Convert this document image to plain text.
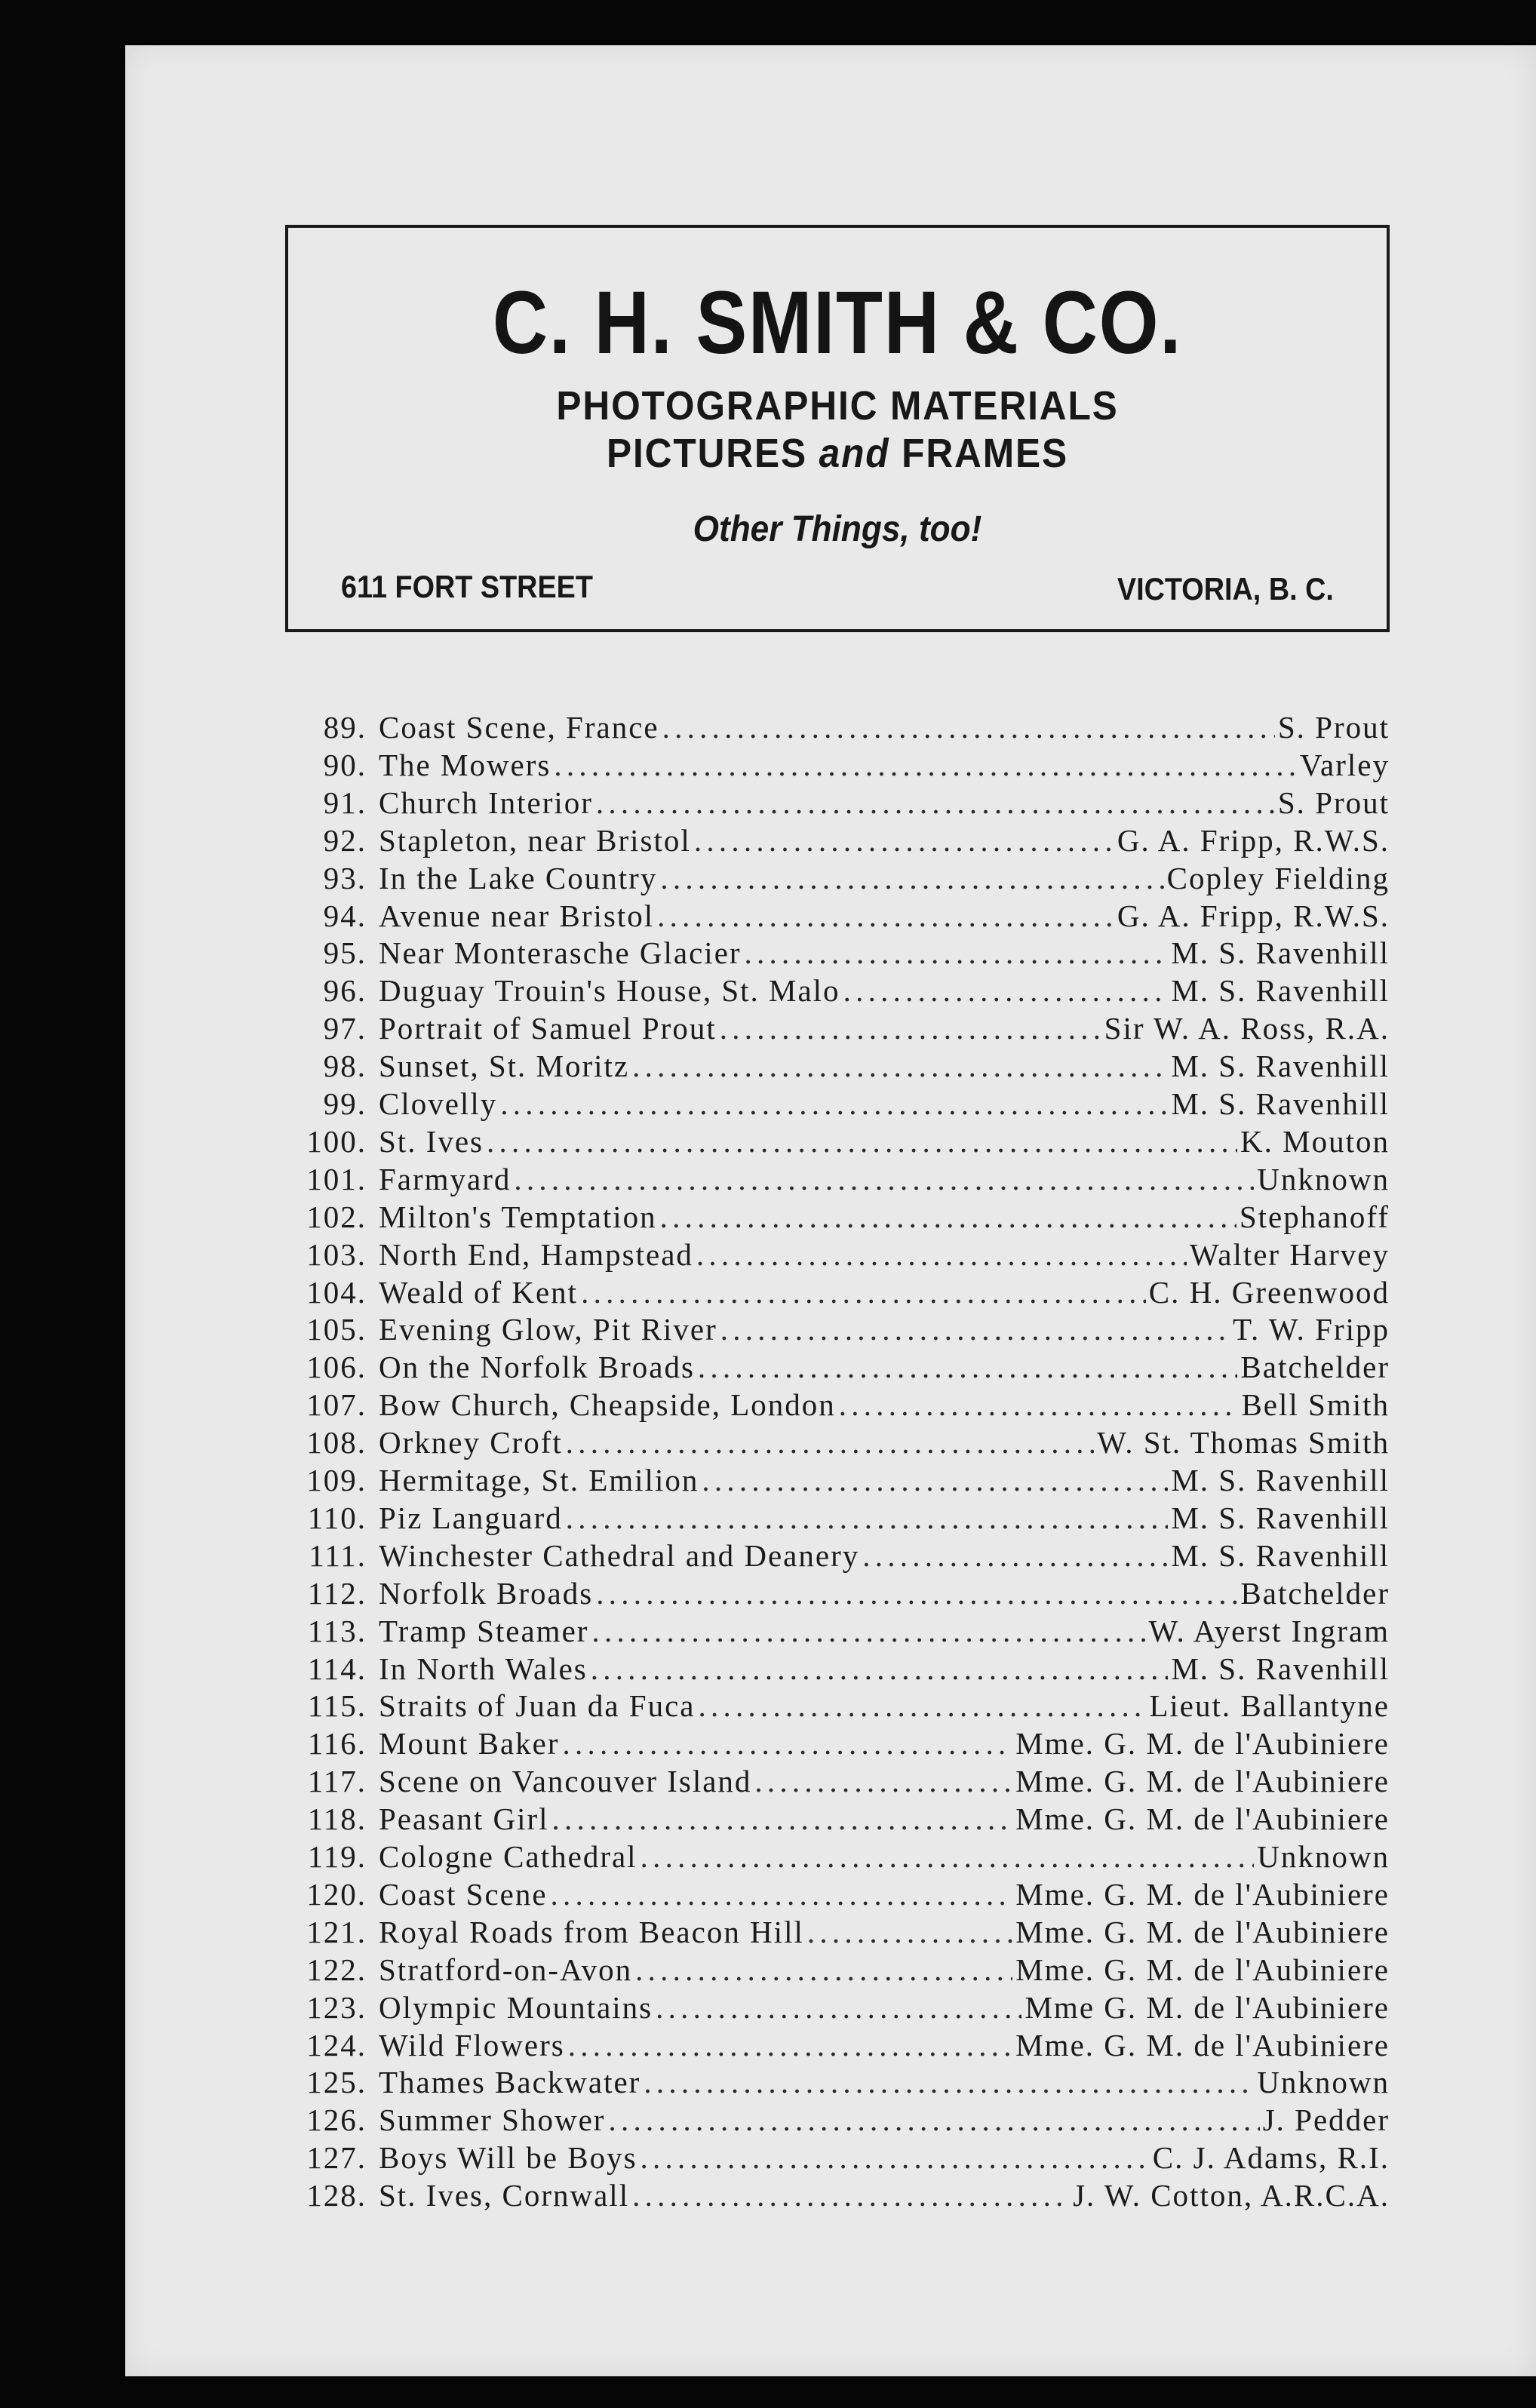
C. H. SMITH & CO.
PHOTOGRAPHIC MATERIALS
PICTURES and FRAMES
Other Things, too!
611 FORT STREET	VICTORIA, B. C.
89. Coast Scene, France . . .	S. Prout
90. The Mowers . . .	Varley
91. Church Interior . . .	S. Prout
92. Stapleton, near Bristol . . .	G. A. Fripp, R.W.S.
93. In the Lake Country . . .	Copley Fielding
94. Avenue near Bristol . . .	G. A. Fripp, R.W.S.
95. Near Monterasche Glacier . . .	M. S. Ravenhill
96. Duguay Trouin's House, St. Malo . . .	M. S. Ravenhill
97. Portrait of Samuel Prout . . .	Sir W. A. Ross, R.A.
98. Sunset, St. Moritz . . .	M. S. Ravenhill
99. Clovelly . . .	M. S. Ravenhill
100. St. Ives . . .	K. Mouton
101. Farmyard . . .	Unknown
102. Milton's Temptation . . .	Stephanoff
103. North End, Hampstead . . .	Walter Harvey
104. Weald of Kent . . .	C. H. Greenwood
105. Evening Glow, Pit River . . .	T. W. Fripp
106. On the Norfolk Broads . . .	Batchelder
107. Bow Church, Cheapside, London . . .	Bell Smith
108. Orkney Croft . . .	W. St. Thomas Smith
109. Hermitage, St. Emilion . . .	M. S. Ravenhill
110. Piz Languard . . .	M. S. Ravenhill
111. Winchester Cathedral and Deanery . . .	M. S. Ravenhill
112. Norfolk Broads . . .	Batchelder
113. Tramp Steamer . . .	W. Ayerst Ingram
114. In North Wales . . .	M. S. Ravenhill
115. Straits of Juan da Fuca . . .	Lieut. Ballantyne
116. Mount Baker . . .	Mme. G. M. de l'Aubiniere
117. Scene on Vancouver Island . . .	Mme. G. M. de l'Aubiniere
118. Peasant Girl . . .	Mme. G. M. de l'Aubiniere
119. Cologne Cathedral . . .	Unknown
120. Coast Scene . . .	Mme. G. M. de l'Aubiniere
121. Royal Roads from Beacon Hill . . .	Mme. G. M. de l'Aubiniere
122. Stratford-on-Avon . . .	Mme. G. M. de l'Aubiniere
123. Olympic Mountains . . .	Mme G. M. de l'Aubiniere
124. Wild Flowers . . .	Mme. G. M. de l'Aubiniere
125. Thames Backwater . . .	Unknown
126. Summer Shower . . .	J. Pedder
127. Boys Will be Boys . . .	C. J. Adams, R.I.
128. St. Ives, Cornwall . . .	J. W. Cotton, A.R.C.A.
